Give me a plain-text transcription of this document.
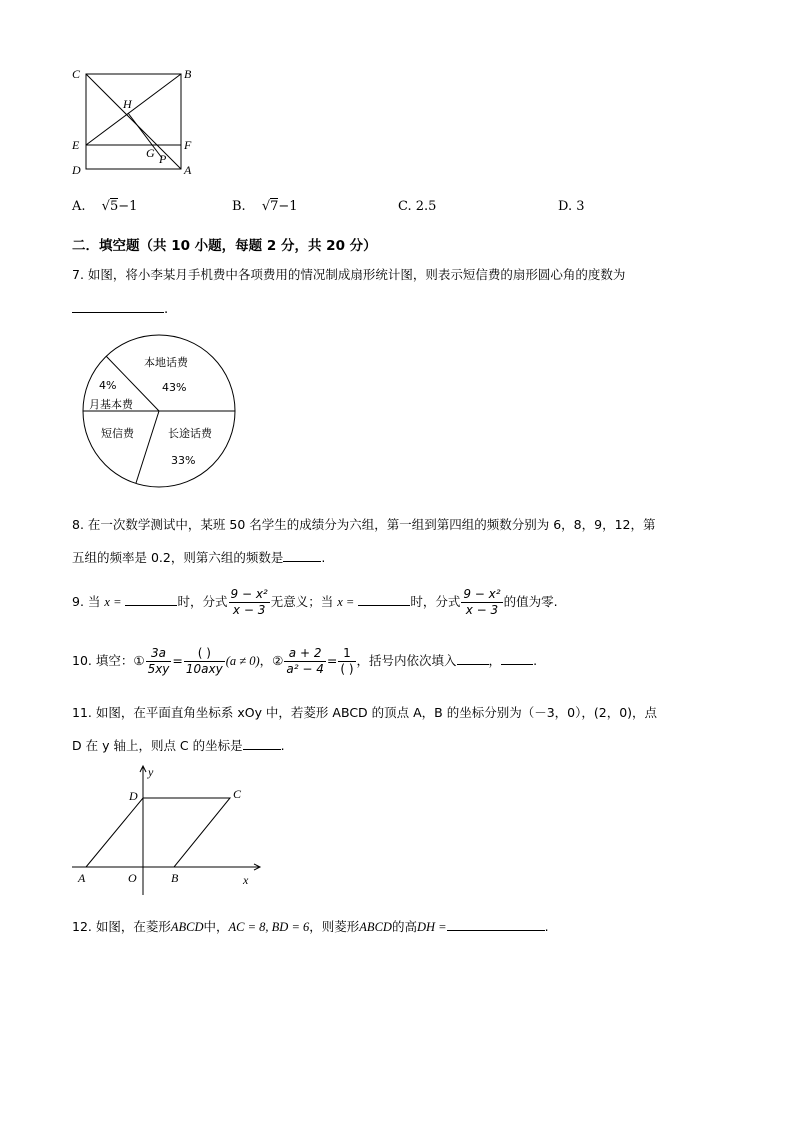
C	B
H
E	F
G P
D	A
A. √5−1	B. √7−1	C. 2.5	D. 3
二．填空题（共 10 小题，每题 2 分，共 20 分）
7. 如图，将小李某月手机费中各项费用的情况制成扇形统计图，则表示短信费的扇形圆心角的度数为
.
本地话费
43%
4%
月基本费
短信费	长途话费
33%
8. 在一次数学测试中，某班 50 名学生的成绩分为六组，第一组到第四组的频数分别为 6，8，9，12，第
五组的频率是 0.2，则第六组的频数是	.
9. 当 x =	时，分式 $\frac{\text{9 − x²}}{x - 3}$ 无意义；当 x =	时，分式 $\frac{\text{9 − x²}}{x - 3}$ 的值为零.
10. 填空：① $\frac{3a}{5xy} = \frac{( )}{\text{10axy}} (a \ne 0)$，② $\frac{a + 2}{\text{a² − 4}} = \frac{1}{( )}$ ，括号内依次填入	，	.
11. 如图，在平面直角坐标系 xOy 中，若菱形 ABCD 的顶点 A，B 的坐标分别为（－3，0），(2，0)，点
D 在 y 轴上，则点 C 的坐标是	.
y
D	C
A	O	B	x
12. 如图，在菱形ABCD中，AC = 8, BD = 6，则菱形ABCD的高DH =	.
